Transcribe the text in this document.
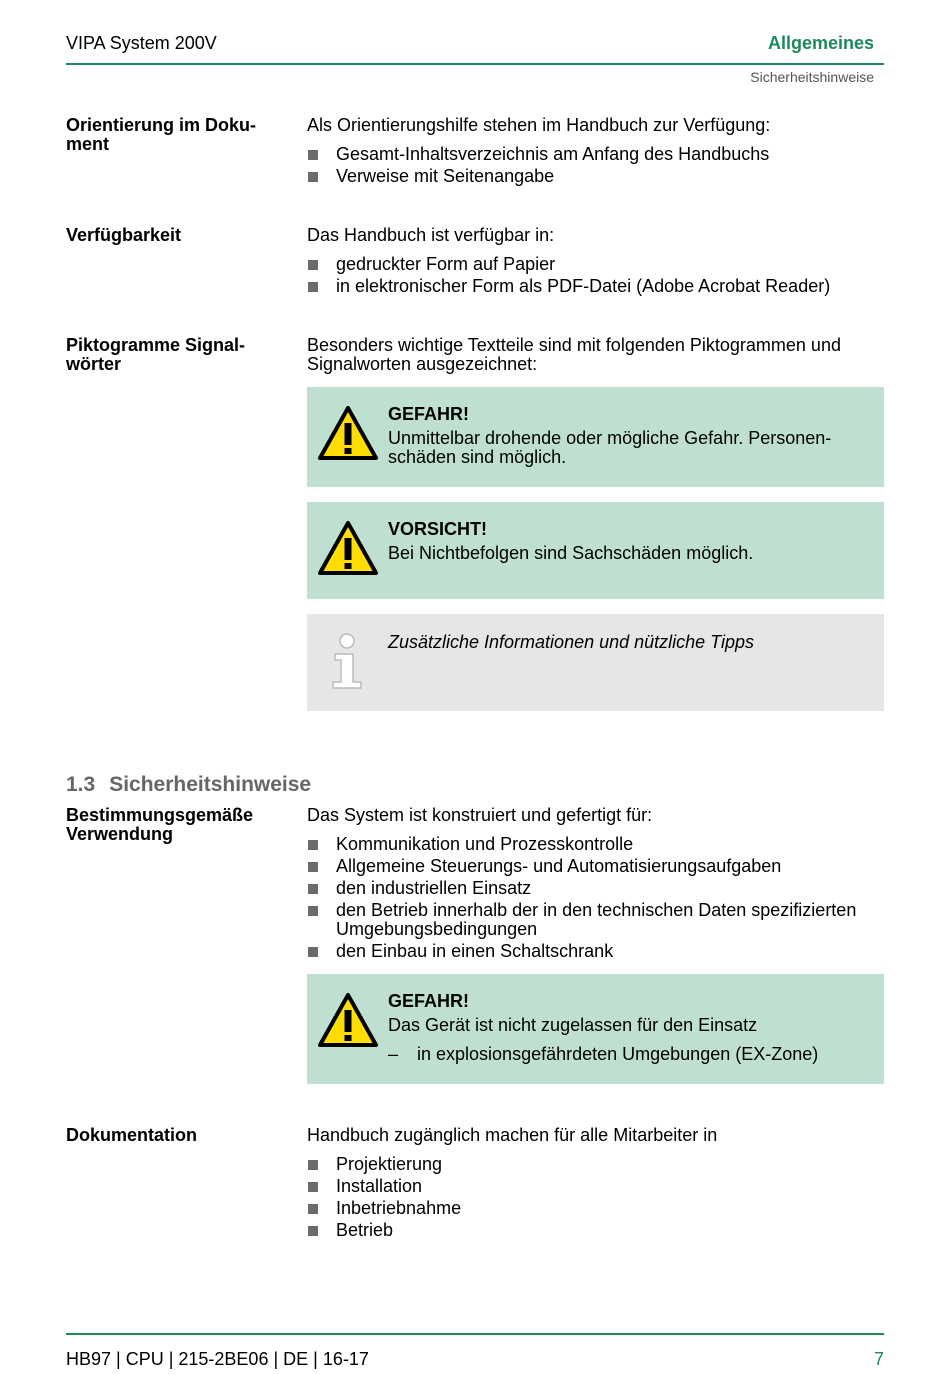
VIPA System 200V	Allgemeines
Sicherheitshinweise
Orientierung im Doku-
ment

Als Orientierungshilfe stehen im Handbuch zur Verfügung:

Gesamt-Inhaltsverzeichnis am Anfang des Handbuchs
Verweise mit Seitenangabe
Verfügbarkeit	Das Handbuch ist verfügbar in:

gedruckter Form auf Papier
in elektronischer Form als PDF-Datei (Adobe Acrobat Reader)
Piktogramme Signal-
wörter
Besonders wichtige Textteile sind mit folgenden Piktogrammen und Signalworten ausgezeichnet:
GEFAHR!
Unmittelbar drohende oder mögliche Gefahr. Personen-
schäden sind möglich.
VORSICHT!
Bei Nichtbefolgen sind Sachschäden möglich.
Zusätzliche Informationen und nützliche Tipps
1.3 Sicherheitshinweise
Bestimmungsgemäße
Verwendung

Das System ist konstruiert und gefertigt für:

Kommunikation und Prozesskontrolle
Allgemeine Steuerungs- und Automatisierungsaufgaben
den industriellen Einsatz
den Betrieb innerhalb der in den technischen Daten spezifizierten Umgebungsbedingungen
den Einbau in einen Schaltschrank
GEFAHR!
Das Gerät ist nicht zugelassen für den Einsatz
–	in explosionsgefährdeten Umgebungen (EX-Zone)
Dokumentation	Handbuch zugänglich machen für alle Mitarbeiter in

Projektierung
Installation
Inbetriebnahme
Betrieb
HB97 | CPU | 215-2BE06 | DE | 16-17	7
